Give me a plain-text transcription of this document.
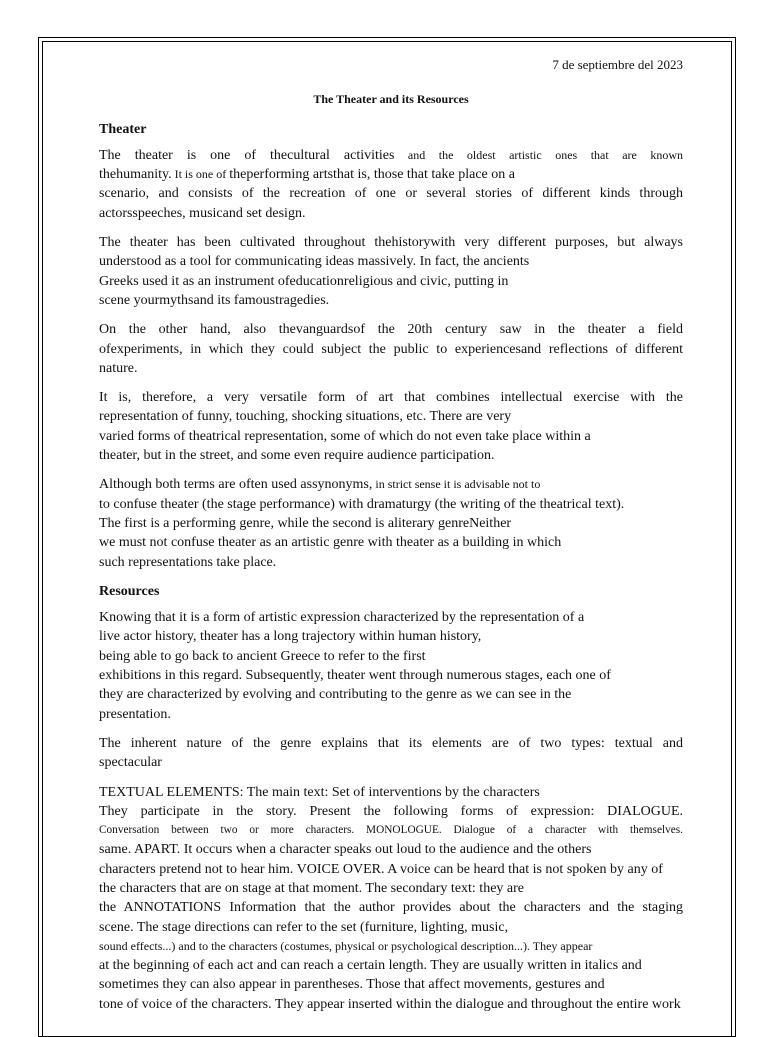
7 de septiembre del 2023

The Theater and its Resources

Theater

The theater is one of thecultural activities and the oldest artistic ones that are known
thehumanity. It is one of theperforming artsthat is, those that take place on a
scenario, and consists of the recreation of one or several stories of different kinds through
actorsspeeches, musicand set design.

The theater has been cultivated throughout thehistorywith very different purposes, but always
understood as a tool for communicating ideas massively. In fact, the ancients
Greeks used it as an instrument ofeducationreligious and civic, putting in
scene yourmythsand its famoustragedies.

On the other hand, also thevanguardsof the 20th century saw in the theater a field
ofexperiments, in which they could subject the public to experiencesand reflections of different
nature.

It is, therefore, a very versatile form of art that combines intellectual exercise with the
representation of funny, touching, shocking situations, etc. There are very
varied forms of theatrical representation, some of which do not even take place within a
theater, but in the street, and some even require audience participation.

Although both terms are often used assynonyms, in strict sense it is advisable not to
to confuse theater (the stage performance) with dramaturgy (the writing of the theatrical text).
The first is a performing genre, while the second is aliterary genreNeither
we must not confuse theater as an artistic genre with theater as a building in which
such representations take place.

Resources

Knowing that it is a form of artistic expression characterized by the representation of a
live actor history, theater has a long trajectory within human history,
being able to go back to ancient Greece to refer to the first
exhibitions in this regard. Subsequently, theater went through numerous stages, each one of
they are characterized by evolving and contributing to the genre as we can see in the
presentation.

The inherent nature of the genre explains that its elements are of two types: textual and
spectacular

TEXTUAL ELEMENTS: The main text: Set of interventions by the characters
They participate in the story. Present the following forms of expression: DIALOGUE.
Conversation between two or more characters. MONOLOGUE. Dialogue of a character with themselves.
same. APART. It occurs when a character speaks out loud to the audience and the others
characters pretend not to hear him. VOICE OVER. A voice can be heard that is not spoken by any of
the characters that are on stage at that moment. The secondary text: they are
the ANNOTATIONS Information that the author provides about the characters and the staging
scene. The stage directions can refer to the set (furniture, lighting, music,
sound effects...) and to the characters (costumes, physical or psychological description...). They appear
at the beginning of each act and can reach a certain length. They are usually written in italics and
sometimes they can also appear in parentheses. Those that affect movements, gestures and
tone of voice of the characters. They appear inserted within the dialogue and throughout the entire work
